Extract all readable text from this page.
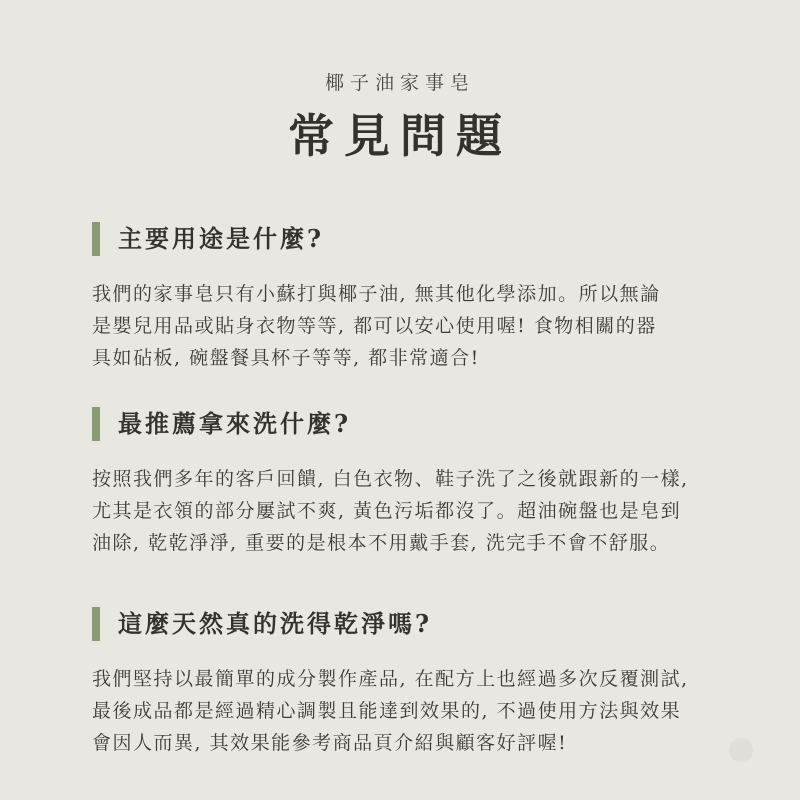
椰子油家事皂
常見問題
主要用途是什麼?
我們的家事皂只有小蘇打與椰子油, 無其他化學添加。所以無論
是嬰兒用品或貼身衣物等等, 都可以安心使用喔! 食物相關的器
具如砧板, 碗盤餐具杯子等等, 都非常適合!
最推薦拿來洗什麼?
按照我們多年的客戶回饋, 白色衣物、鞋子洗了之後就跟新的一樣,
尤其是衣領的部分屢試不爽, 黃色污垢都沒了。超油碗盤也是皂到
油除, 乾乾淨淨, 重要的是根本不用戴手套, 洗完手不會不舒服。
這麼天然真的洗得乾淨嗎?
我們堅持以最簡單的成分製作產品, 在配方上也經過多次反覆測試,
最後成品都是經過精心調製且能達到效果的, 不過使用方法與效果
會因人而異, 其效果能參考商品頁介紹與顧客好評喔!
